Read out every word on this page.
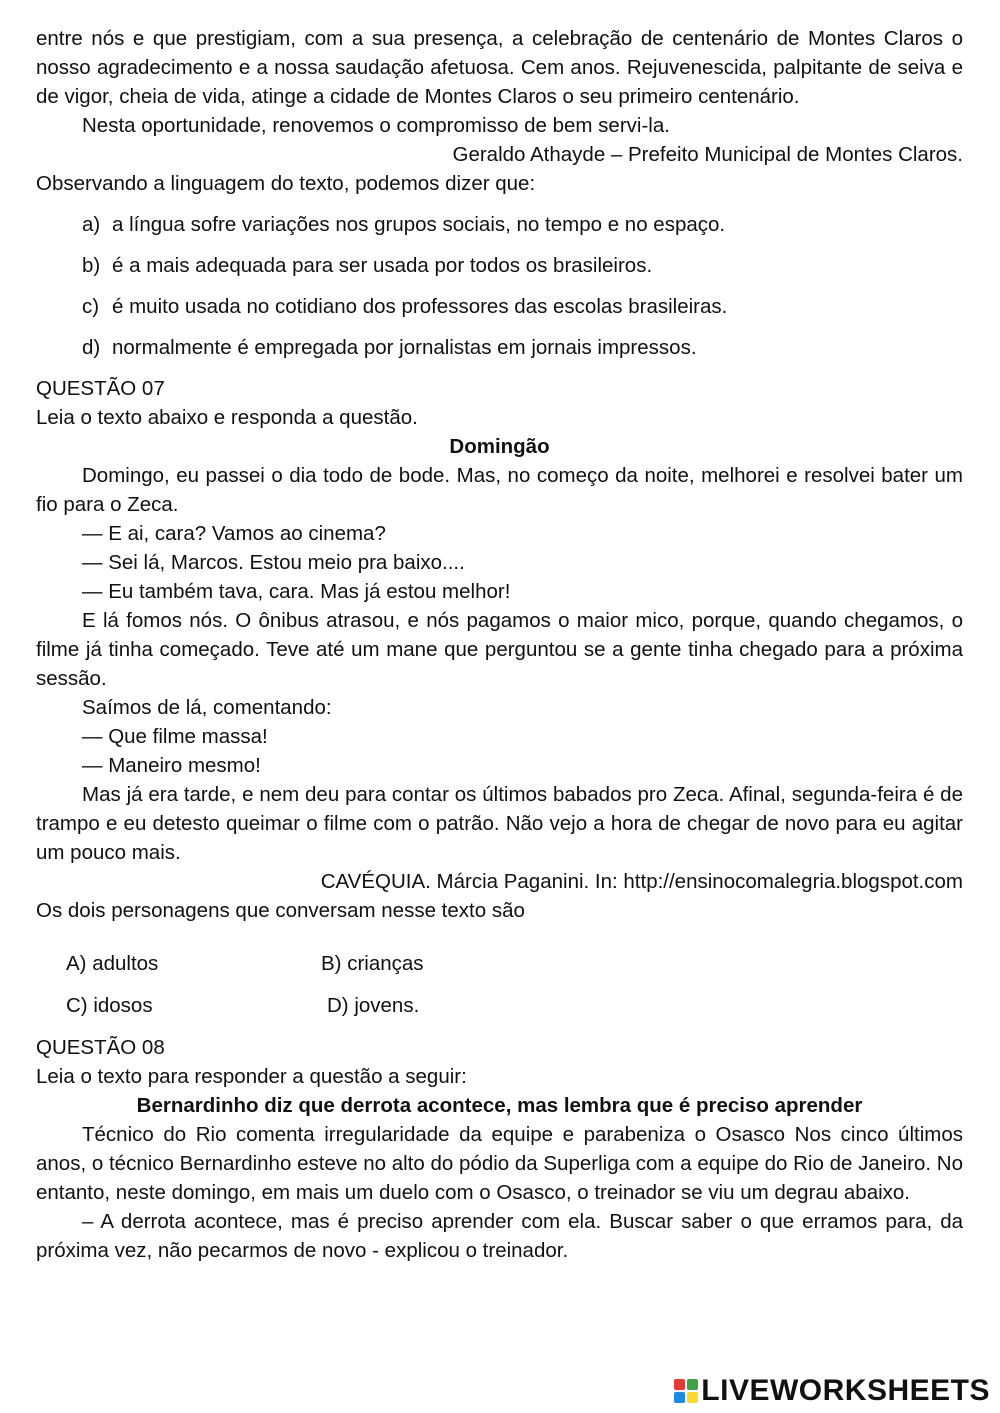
entre nós e que prestigiam, com a sua presença, a celebração de centenário de Montes Claros o nosso agradecimento e a nossa saudação afetuosa. Cem anos. Rejuvenescida, palpitante de seiva e de vigor, cheia de vida, atinge a cidade de Montes Claros o seu primeiro centenário.

Nesta oportunidade, renovemos o compromisso de bem servi-la.

Geraldo Athayde – Prefeito Municipal de Montes Claros.

Observando a linguagem do texto, podemos dizer que:

a) a língua sofre variações nos grupos sociais, no tempo e no espaço.
b) é a mais adequada para ser usada por todos os brasileiros.
c) é muito usada no cotidiano dos professores das escolas brasileiras.
d) normalmente é empregada por jornalistas em jornais impressos.

QUESTÃO 07

Leia o texto abaixo e responda a questão.

Domingão

Domingo, eu passei o dia todo de bode. Mas, no começo da noite, melhorei e resolvei bater um fio para o Zeca.

— E ai, cara? Vamos ao cinema?

— Sei lá, Marcos. Estou meio pra baixo....

— Eu também tava, cara. Mas já estou melhor!

E lá fomos nós. O ônibus atrasou, e nós pagamos o maior mico, porque, quando chegamos, o filme já tinha começado. Teve até um mane que perguntou se a gente tinha chegado para a próxima sessão.

Saímos de lá, comentando:

— Que filme massa!

— Maneiro mesmo!

Mas já era tarde, e nem deu para contar os últimos babados pro Zeca. Afinal, segunda-feira é de trampo e eu detesto queimar o filme com o patrão. Não vejo a hora de chegar de novo para eu agitar um pouco mais.

CAVÉQUIA. Márcia Paganini. In: http://ensinocomalegria.blogspot.com

Os dois personagens que conversam nesse texto são

A) adultos	B) crianças
C) idosos	D) jovens.

QUESTÃO 08

Leia o texto para responder a questão a seguir:

Bernardinho diz que derrota acontece, mas lembra que é preciso aprender

Técnico do Rio comenta irregularidade da equipe e parabeniza o Osasco Nos cinco últimos anos, o técnico Bernardinho esteve no alto do pódio da Superliga com a equipe do Rio de Janeiro. No entanto, neste domingo, em mais um duelo com o Osasco, o treinador se viu um degrau abaixo.

– A derrota acontece, mas é preciso aprender com ela. Buscar saber o que erramos para, da próxima vez, não pecarmos de novo - explicou o treinador.

LIVEWORKSHEETS
